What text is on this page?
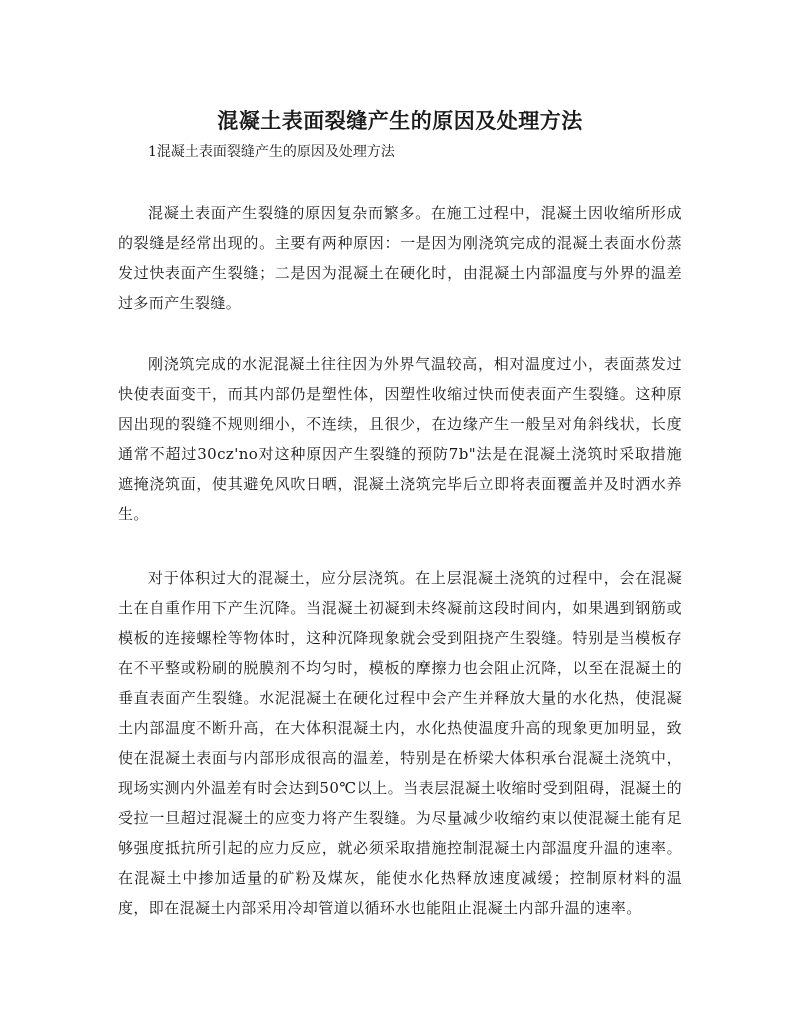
混凝土表面裂缝产生的原因及处理方法
1混凝土表面裂缝产生的原因及处理方法

混凝土表面产生裂缝的原因复杂而繁多。在施工过程中，混凝土因收缩所形成的裂缝是经常出现的。主要有两种原因：一是因为刚浇筑完成的混凝土表面水份蒸发过快表面产生裂缝；二是因为混凝土在硬化时，由混凝土内部温度与外界的温差过多而产生裂缝。

刚浇筑完成的水泥混凝土往往因为外界气温较高，相对温度过小，表面蒸发过快使表面变干，而其内部仍是塑性体，因塑性收缩过快而使表面产生裂缝。这种原因出现的裂缝不规则细小，不连续，且很少，在边缘产生一般呈对角斜线状，长度通常不超过30cz'no对这种原因产生裂缝的预防7b"法是在混凝土浇筑时采取措施遮掩浇筑面，使其避免风吹日晒，混凝土浇筑完毕后立即将表面覆盖并及时洒水养生。

对于体积过大的混凝土，应分层浇筑。在上层混凝土浇筑的过程中，会在混凝土在自重作用下产生沉降。当混凝土初凝到未终凝前这段时间内，如果遇到钢筋或模板的连接螺栓等物体时，这种沉降现象就会受到阻挠产生裂缝。特别是当模板存在不平整或粉刷的脱膜剂不均匀时，模板的摩擦力也会阻止沉降，以至在混凝土的垂直表面产生裂缝。水泥混凝土在硬化过程中会产生并释放大量的水化热，使混凝土内部温度不断升高，在大体积混凝土内，水化热使温度升高的现象更加明显，致使在混凝土表面与内部形成很高的温差，特别是在桥梁大体积承台混凝土浇筑中，现场实测内外温差有时会达到50℃以上。当表层混凝土收缩时受到阻碍，混凝土的受拉一旦超过混凝土的应变力将产生裂缝。为尽量减少收缩约束以使混凝土能有足够强度抵抗所引起的应力反应，就必须采取措施控制混凝土内部温度升温的速率。在混凝土中掺加适量的矿粉及煤灰，能使水化热释放速度减缓；控制原材料的温度，即在混凝土内部采用冷却管道以循环水也能阻止混凝土内部升温的速率。
